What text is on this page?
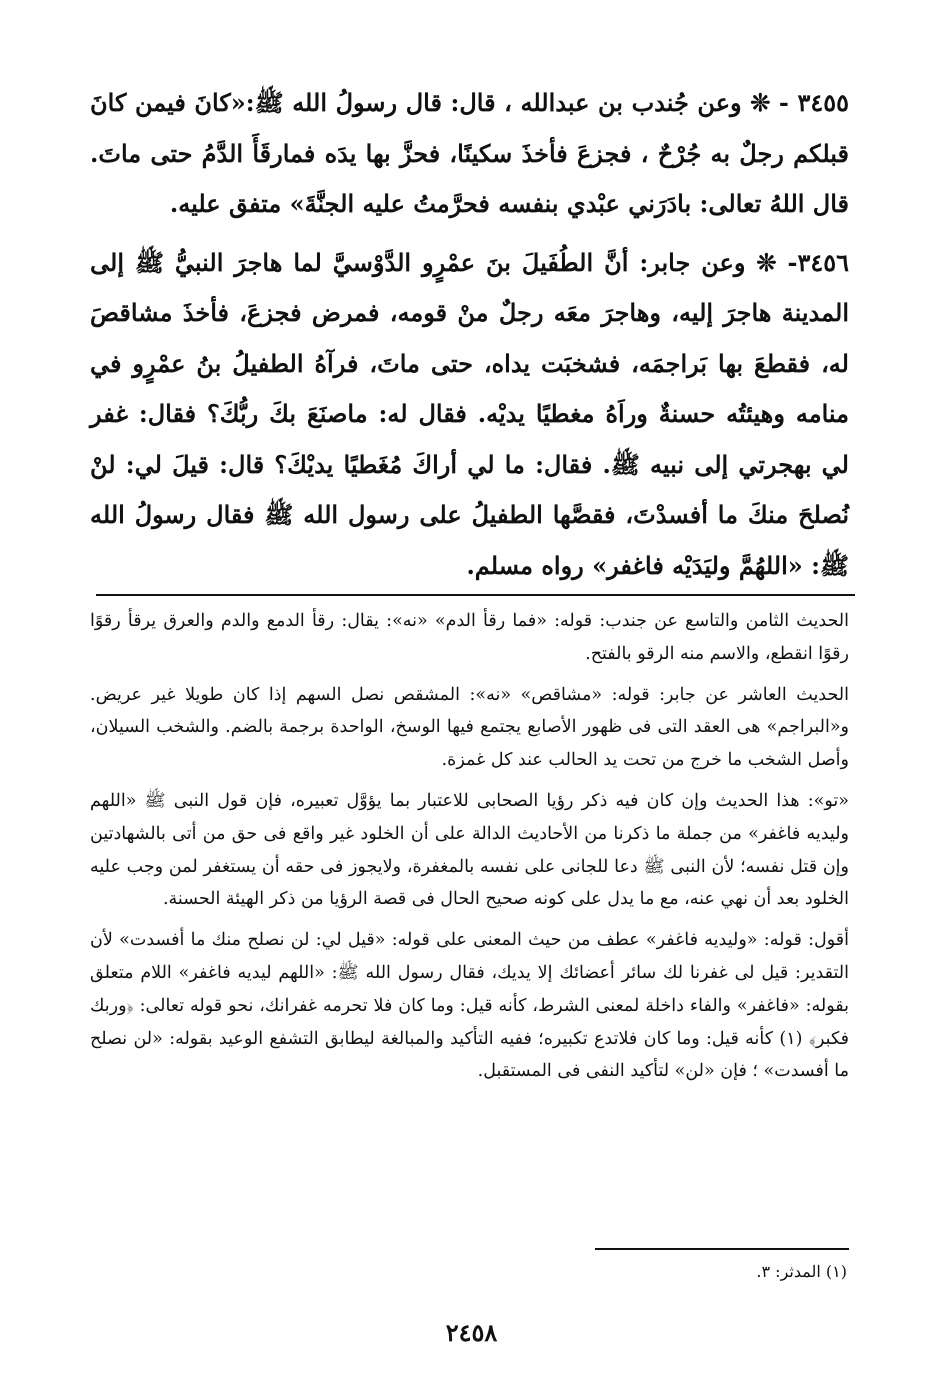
٣٤٥٥ - ❊ وعن جُندب بن عبدالله ، قال: قال رسولُ الله ﷺ:«كانَ فيمن كانَ قبلكم رجلٌ به جُرْحٌ ، فجزعَ فأخذَ سكينًا، فحزَّ بها يدَه فمارقَأَ الدَّمُ حتى ماتَ. قال اللهُ تعالى: بادَرَني عبْدي بنفسه فحرَّمتُ عليه الجنَّةَ» متفق عليه.

٣٤٥٦- ❊ وعن جابر: أنَّ الطُفَيلَ بنَ عمْرٍو الدَّوْسيَّ لما هاجرَ النبيُّ ﷺ إلى المدينة هاجرَ إليه، وهاجرَ معَه رجلٌ منْ قومه، فمرض فجزعَ، فأخذَ مشاقصَ له، فقطعَ بها بَراجمَه، فشخبَت يداه، حتى ماتَ، فرآهُ الطفيلُ بنُ عمْرٍو في منامه وهيئتُه حسنةٌ وراَهُ مغطيًا يديْه. فقال له: ماصنَعَ بكَ ربُّكَ؟ فقال: غفر لي بهجرتي إلى نبيه ﷺ. فقال: ما لي أراكَ مُغَطيًا يديْكَ؟ قال: قيلَ لي: لنْ نُصلحَ منكَ ما أفسدْتَ، فقصَّها الطفيلُ على رسول الله ﷺ فقال رسولُ الله ﷺ: «اللهُمَّ وليَدَيْه فاغفر» رواه مسلم.

الحديث الثامن والتاسع عن جندب: قوله: «فما رقأ الدم» «نه»: يقال: رقأ الدمع والدم والعرق يرقأ رقوًا رقوًا انقطع، والاسم منه الرقو بالفتح.

الحديث العاشر عن جابر: قوله: «مشاقص» «نه»: المشقص نصل السهم إذا كان طويلا غير عريض. و«البراجم» هى العقد التى فى ظهور الأصابع يجتمع فيها الوسخ، الواحدة برجمة بالضم. والشخب السيلان، وأصل الشخب ما خرج من تحت يد الحالب عند كل غمزة.

«تو»: هذا الحديث وإن كان فيه ذكر رؤيا الصحابى للاعتبار بما يؤوَّل تعبيره، فإن قول النبى ﷺ «اللهم وليديه فاغفر» من جملة ما ذكرنا من الأحاديث الدالة على أن الخلود غير واقع فى حق من أتى بالشهادتين وإن قتل نفسه؛ لأن النبى ﷺ دعا للجانى على نفسه بالمغفرة، ولايجوز فى حقه أن يستغفر لمن وجب عليه الخلود بعد أن نهي عنه، مع ما يدل على كونه صحيح الحال فى قصة الرؤيا من ذكر الهيئة الحسنة.

أقول: قوله: «وليديه فاغفر» عطف من حيث المعنى على قوله: «قيل لي: لن نصلح منك ما أفسدت» لأن التقدير: قيل لى غفرنا لك سائر أعضائك إلا يديك، فقال رسول الله ﷺ: «اللهم ليديه فاغفر» اللام متعلق بقوله: «فاغفر» والفاء داخلة لمعنى الشرط، كأنه قيل: وما كان فلا تحرمه غفرانك، نحو قوله تعالى: ﴿وربك فكبر﴾ (١) كأنه قيل: وما كان فلاتدع تكبيره؛ ففيه التأكيد والمبالغة ليطابق التشفع الوعيد بقوله: «لن نصلح ما أفسدت» ؛ فإن «لن» لتأكيد النفى فى المستقبل.

(١) المدثر: ٣.
٢٤٥٨
